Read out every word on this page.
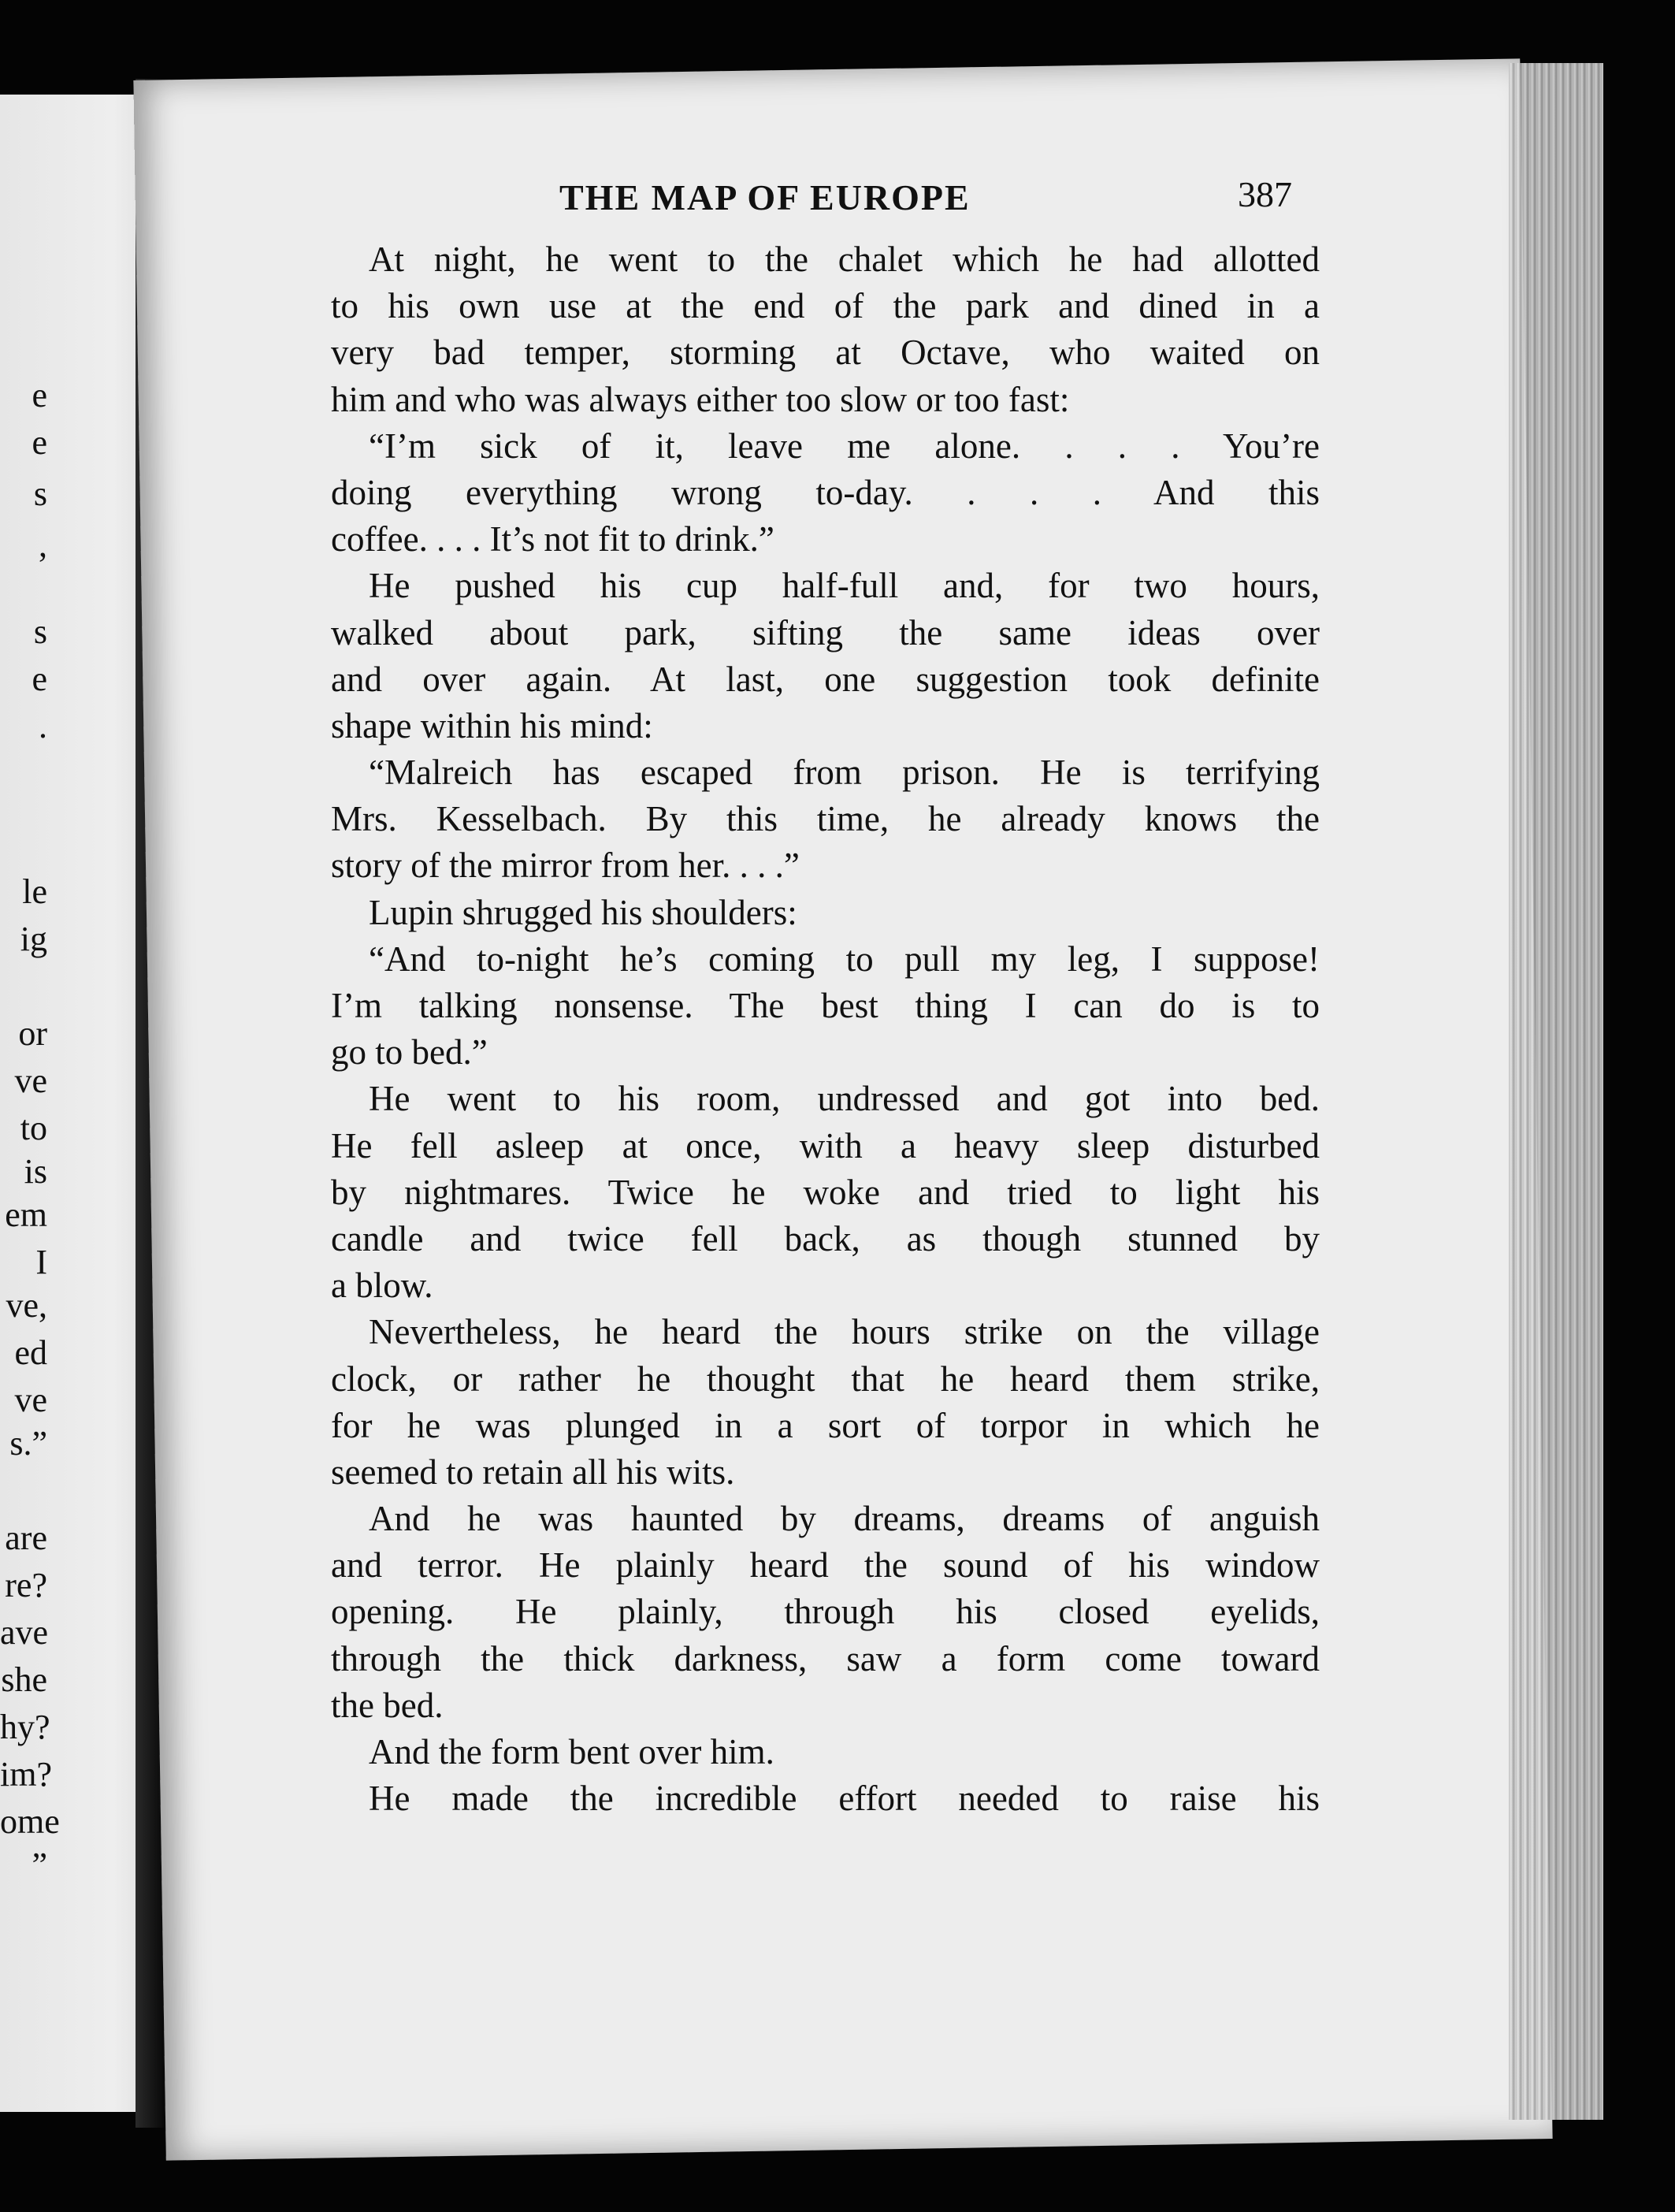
e
e
s
,
s
e
.
le
ig
or
ve
to
is
em
I
ve,
ed
ve
s.”
are
re?
ave
she
hy?
im?
ome
”
THE MAP OF EUROPE	387
At night, he went to the chalet which he had allotted
to his own use at the end of the park and dined in a
very bad temper, storming at Octave, who waited on
him and who was always either too slow or too fast:
“I’m sick of it, leave me alone. . . . You’re
doing everything wrong to-day. . . . And this
coffee. . . . It’s not fit to drink.”
He pushed his cup half-full and, for two hours,
walked about park, sifting the same ideas over
and over again. At last, one suggestion took definite
shape within his mind:
“Malreich has escaped from prison. He is terrifying
Mrs. Kesselbach. By this time, he already knows the
story of the mirror from her. . . .”
Lupin shrugged his shoulders:
“And to-night he’s coming to pull my leg, I suppose!
I’m talking nonsense. The best thing I can do is to
go to bed.”
He went to his room, undressed and got into bed.
He fell asleep at once, with a heavy sleep disturbed
by nightmares. Twice he woke and tried to light his
candle and twice fell back, as though stunned by
a blow.
Nevertheless, he heard the hours strike on the village
clock, or rather he thought that he heard them strike,
for he was plunged in a sort of torpor in which he
seemed to retain all his wits.
And he was haunted by dreams, dreams of anguish
and terror. He plainly heard the sound of his window
opening. He plainly, through his closed eyelids,
through the thick darkness, saw a form come toward
the bed.
And the form bent over him.
He made the incredible effort needed to raise his
